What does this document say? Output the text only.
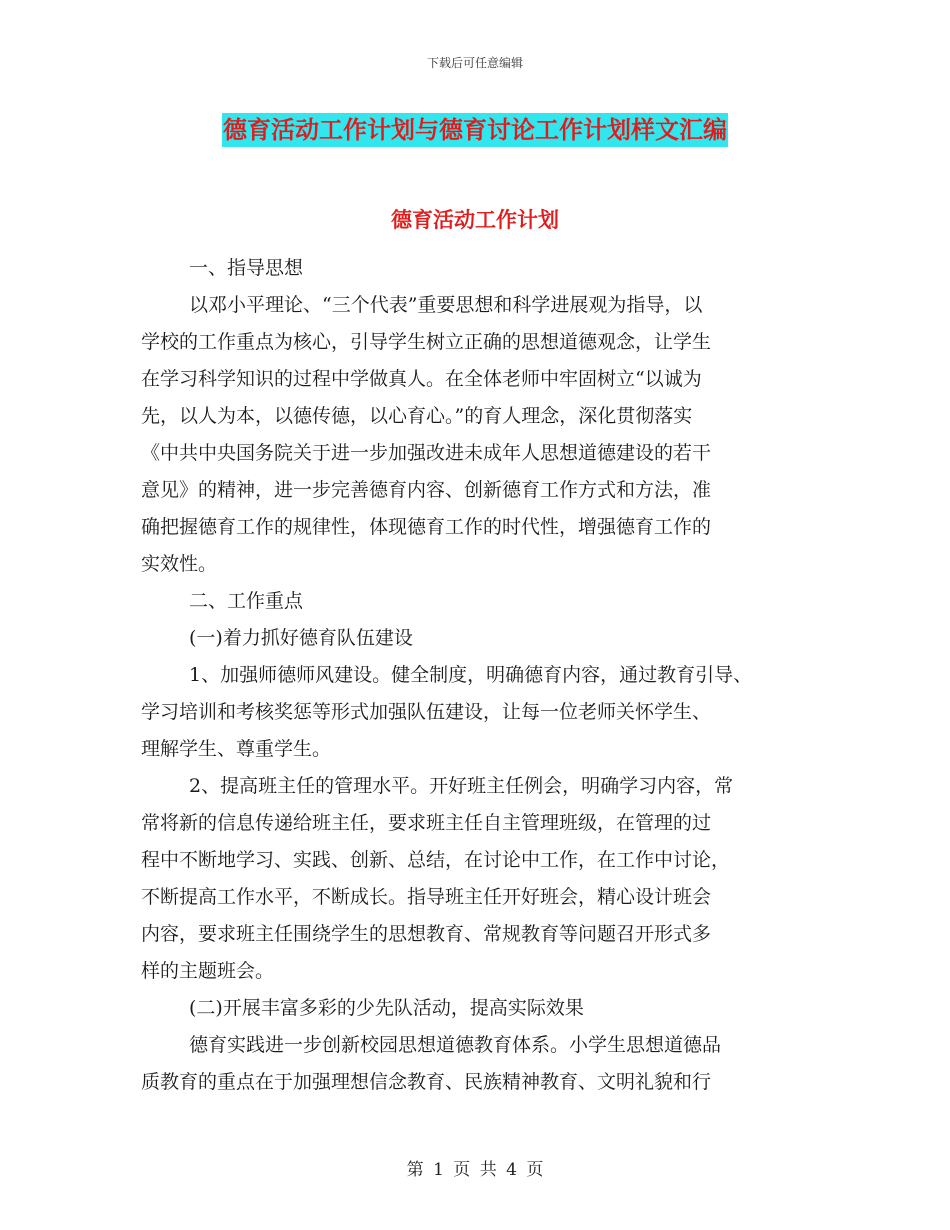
下载后可任意编辑
德育活动工作计划与德育讨论工作计划样文汇编
德育活动工作计划
一、指导思想
以邓小平理论、“三个代表”重要思想和科学进展观为指导，以
学校的工作重点为核心，引导学生树立正确的思想道德观念，让学生
在学习科学知识的过程中学做真人。在全体老师中牢固树立“以诚为
先，以人为本，以德传德，以心育心。”的育人理念，深化贯彻落实
《中共中央国务院关于进一步加强改进未成年人思想道德建设的若干
意见》的精神，进一步完善德育内容、创新德育工作方式和方法，准
确把握德育工作的规律性，体现德育工作的时代性，增强德育工作的
实效性。
二、工作重点
(一)着力抓好德育队伍建设
1、加强师德师风建设。健全制度，明确德育内容，通过教育引导、
学习培训和考核奖惩等形式加强队伍建设，让每一位老师关怀学生、
理解学生、尊重学生。
2、提高班主任的管理水平。开好班主任例会，明确学习内容，常
常将新的信息传递给班主任，要求班主任自主管理班级，在管理的过
程中不断地学习、实践、创新、总结，在讨论中工作，在工作中讨论，
不断提高工作水平，不断成长。指导班主任开好班会，精心设计班会
内容，要求班主任围绕学生的思想教育、常规教育等问题召开形式多
样的主题班会。
(二)开展丰富多彩的少先队活动，提高实际效果
德育实践进一步创新校园思想道德教育体系。小学生思想道德品
质教育的重点在于加强理想信念教育、民族精神教育、文明礼貌和行
第 1 页 共 4 页
